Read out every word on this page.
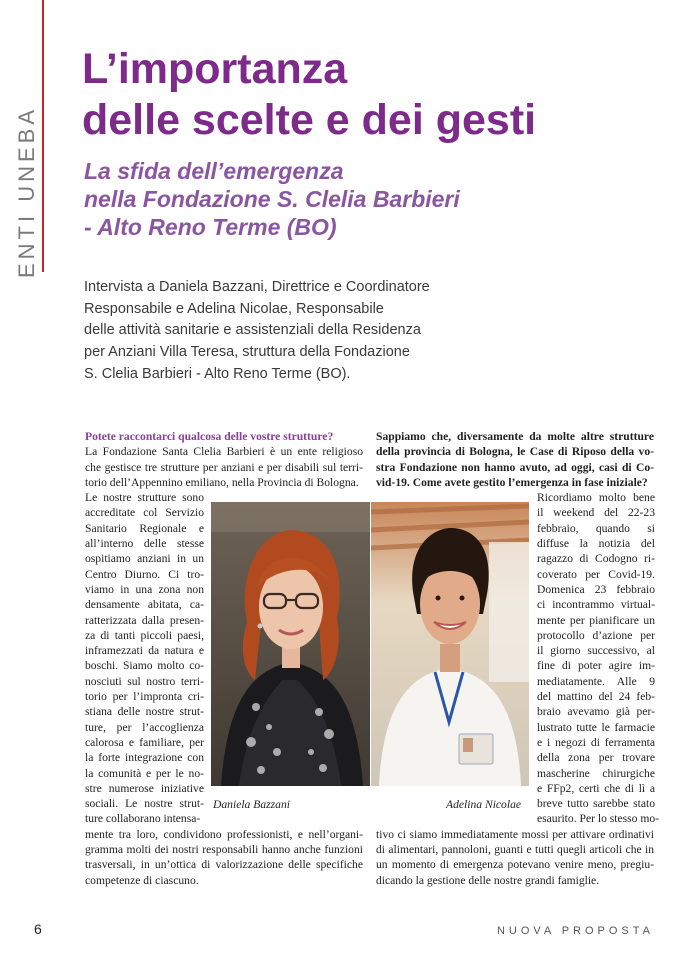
ENTI UNEBA
L’importanza
delle scelte e dei gesti
La sfida dell’emergenza
nella Fondazione S. Clelia Barbieri
- Alto Reno Terme (BO)
Intervista a Daniela Bazzani, Direttrice e Coordinatore
Responsabile e Adelina Nicolae, Responsabile
delle attività sanitarie e assistenziali della Residenza
per Anziani Villa Teresa, struttura della Fondazione
S. Clelia Barbieri - Alto Reno Terme (BO).
Potete raccontarci qualcosa delle vostre strutture?
La Fondazione Santa Clelia Barbieri è un ente religioso
che gestisce tre strutture per anziani e per disabili sul terri-
torio dell’Appennino emiliano, nella Provincia di Bologna.
Le nostre strutture sono
accreditate col Servizio
Sanitario Regionale e
all’interno delle stesse
ospitiamo anziani in un
Centro Diurno. Ci tro-
viamo in una zona non
densamente abitata, ca-
ratterizzata dalla presen-
za di tanti piccoli paesi,
inframezzati da natura e
boschi. Siamo molto co-
nosciuti sul nostro terri-
torio per l’impronta cri-
stiana delle nostre strut-
ture, per l’accoglienza
calorosa e familiare, per
la forte integrazione con
la comunità e per le no-
stre numerose iniziative
sociali. Le nostre strut-
ture collaborano intensa-
mente tra loro, condividono professionisti, e nell’organi-
gramma molti dei nostri responsabili hanno anche funzioni
trasversali, in un’ottica di valorizzazione delle specifiche
competenze di ciascuno.
Sappiamo che, diversamente da molte altre strutture
della provincia di Bologna, le Case di Riposo della vo-
stra Fondazione non hanno avuto, ad oggi, casi di Co-
vid-19. Come avete gestito l’emergenza in fase iniziale?
Ricordiamo molto bene
il weekend del 22-23
febbraio, quando si
diffuse la notizia del
ragazzo di Codogno ri-
coverato per Covid-19.
Domenica 23 febbraio
ci incontrammo virtual-
mente per pianificare un
protocollo d’azione per
il giorno successivo, al
fine di poter agire im-
mediatamente. Alle 9
del mattino del 24 feb-
braio avevamo già per-
lustrato tutte le farmacie
e i negozi di ferramenta
della zona per trovare
mascherine chirurgiche
e FFp2, certi che di lì a
breve tutto sarebbe stato
esaurito. Per lo stesso mo-
tivo ci siamo immediatamente mossi per attivare ordinativi
di alimentari, pannoloni, guanti e tutti quegli articoli che in
un momento di emergenza potevano venire meno, pregiu-
dicando la gestione delle nostre grandi famiglie.
Daniela Bazzani	Adelina Nicolae
6	NUOVA PROPOSTA
